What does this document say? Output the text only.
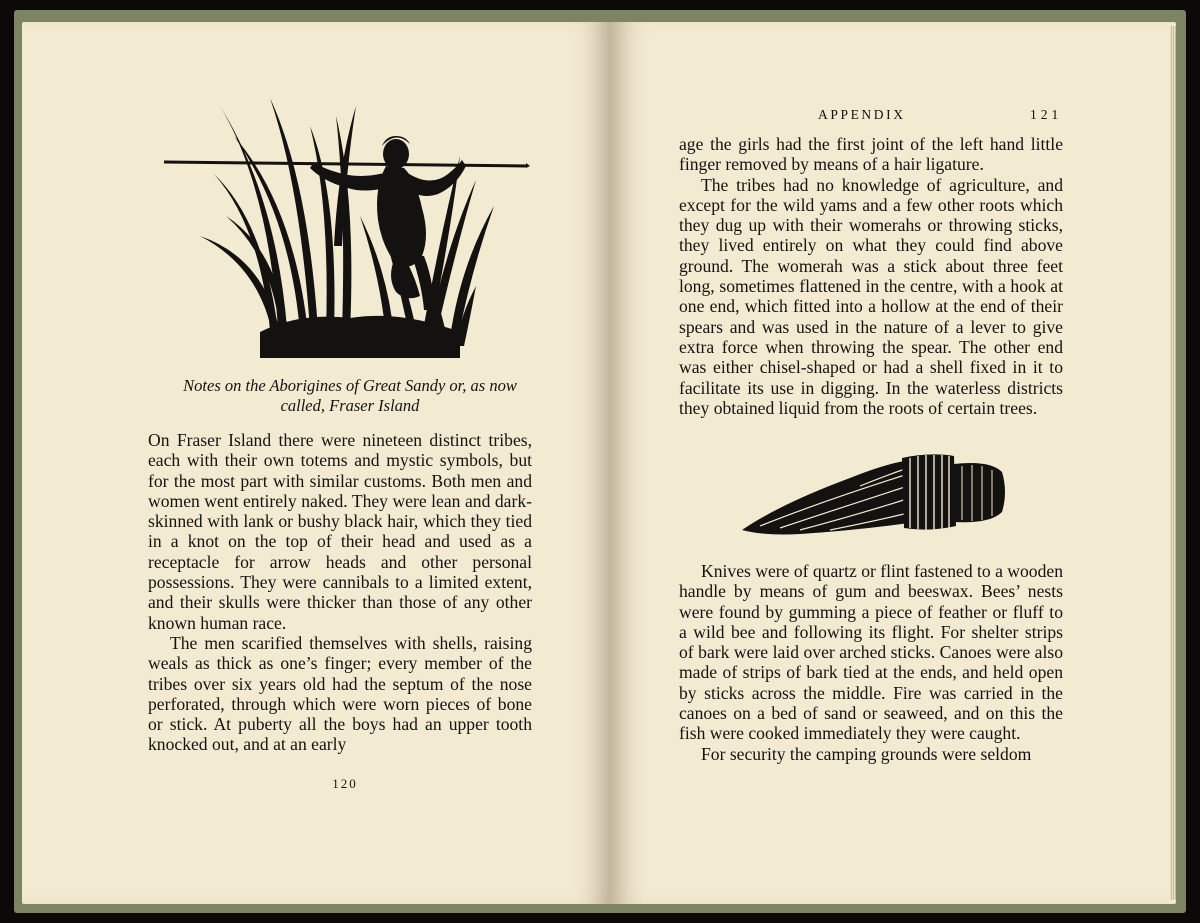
Notes on the Aborigines of Great Sandy or, as now
called, Fraser Island

On Fraser Island there were nineteen distinct tribes, each with their own totems and mystic symbols, but for the most part with similar customs. Both men and women went entirely naked. They were lean and dark-skinned with lank or bushy black hair, which they tied in a knot on the top of their head and used as a receptacle for arrow heads and other personal possessions. They were cannibals to a limited extent, and their skulls were thicker than those of any other known human race.

The men scarified themselves with shells, raising weals as thick as one’s finger; every member of the tribes over six years old had the septum of the nose perforated, through which were worn pieces of bone or stick. At puberty all the boys had an upper tooth knocked out, and at an early

120
APPENDIX	121

age the girls had the first joint of the left hand little finger removed by means of a hair ligature.

The tribes had no knowledge of agriculture, and except for the wild yams and a few other roots which they dug up with their womerahs or throwing sticks, they lived entirely on what they could find above ground. The womerah was a stick about three feet long, sometimes flattened in the centre, with a hook at one end, which fitted into a hollow at the end of their spears and was used in the nature of a lever to give extra force when throwing the spear. The other end was either chisel-shaped or had a shell fixed in it to facilitate its use in digging. In the waterless districts they obtained liquid from the roots of certain trees.

Knives were of quartz or flint fastened to a wooden handle by means of gum and beeswax. Bees’ nests were found by gumming a piece of feather or fluff to a wild bee and following its flight. For shelter strips of bark were laid over arched sticks. Canoes were also made of strips of bark tied at the ends, and held open by sticks across the middle. Fire was carried in the canoes on a bed of sand or seaweed, and on this the fish were cooked immediately they were caught.

For security the camping grounds were seldom
